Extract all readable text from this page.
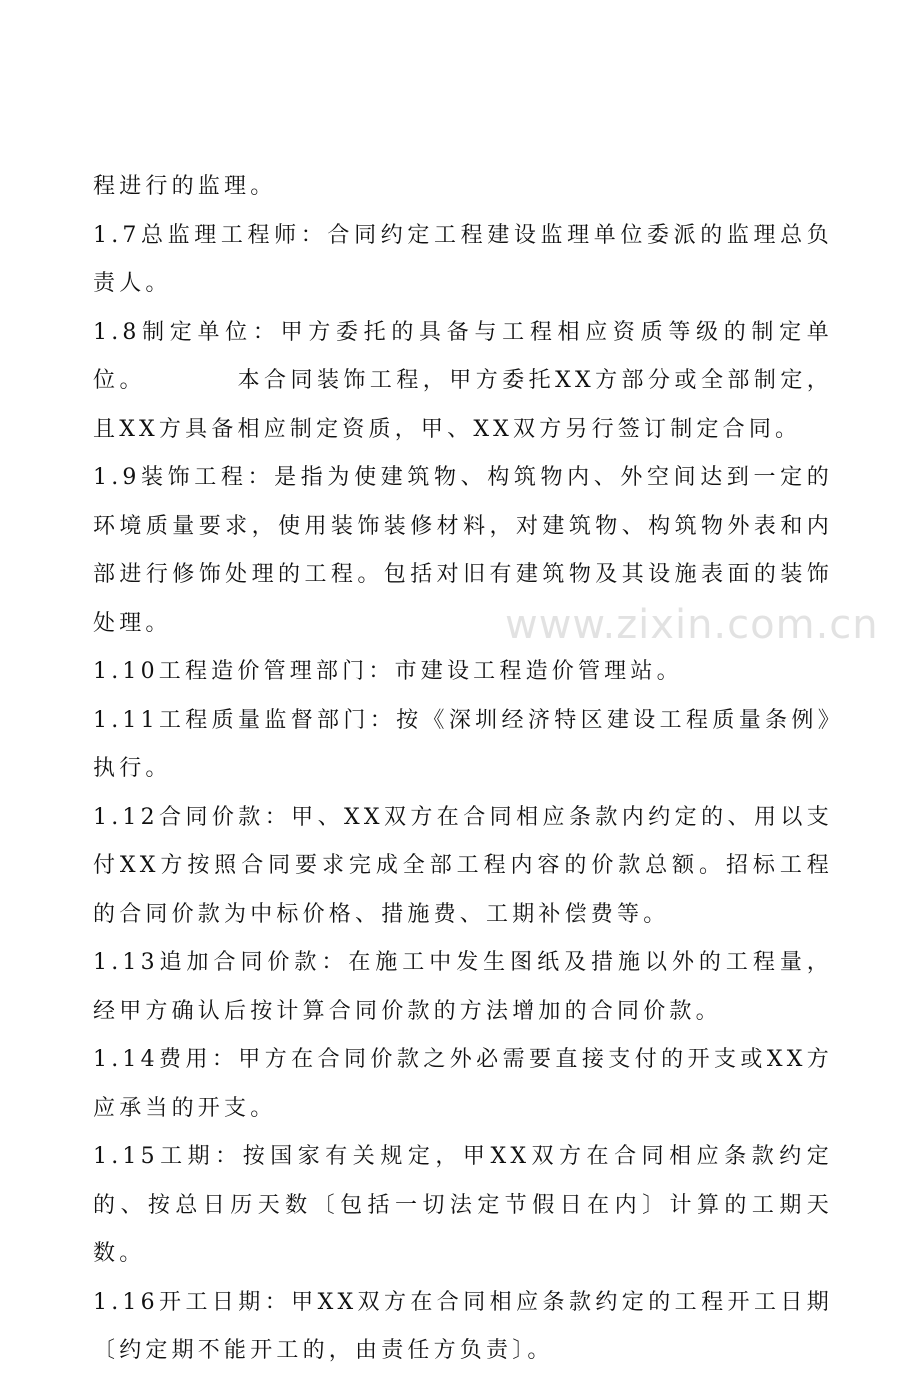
程进行的监理。

1.7总监理工程师：合同约定工程建设监理单位委派的监理总负责人。

1.8制定单位：甲方委托的具备与工程相应资质等级的制定单位。        本合同装饰工程，甲方委托XX方部分或全部制定，且XX方具备相应制定资质，甲、XX双方另行签订制定合同。

1.9装饰工程：是指为使建筑物、构筑物内、外空间达到一定的环境质量要求，使用装饰装修材料，对建筑物、构筑物外表和内部进行修饰处理的工程。包括对旧有建筑物及其设施表面的装饰处理。

1.10工程造价管理部门：市建设工程造价管理站。

1.11工程质量监督部门：按《深圳经济特区建设工程质量条例》执行。

1.12合同价款：甲、XX双方在合同相应条款内约定的、用以支付XX方按照合同要求完成全部工程内容的价款总额。招标工程的合同价款为中标价格、措施费、工期补偿费等。

1.13追加合同价款：在施工中发生图纸及措施以外的工程量，经甲方确认后按计算合同价款的方法增加的合同价款。

1.14费用：甲方在合同价款之外必需要直接支付的开支或XX方应承当的开支。

1.15工期：按国家有关规定，甲XX双方在合同相应条款约定的、按总日历天数〔包括一切法定节假日在内〕计算的工期天数。

1.16开工日期：甲XX双方在合同相应条款约定的工程开工日期〔约定期不能开工的，由责任方负责〕。

www.zixin.com.cn
